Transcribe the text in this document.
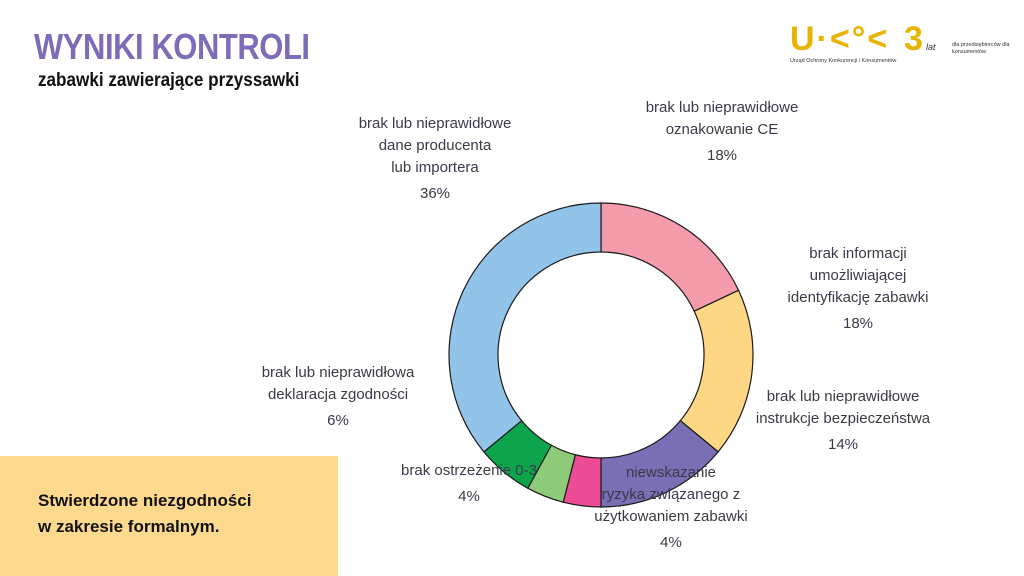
WYNIKI KONTROLI

zabawki zawierające przyssawki

U·<°< 3 lat
Urząd Ochrony Konkurencji i Konsumentów
dla przedsiębiorców dla konsumentów
brak lub nieprawidłowe
oznakowanie CE
18%
brak informacji
umożliwiającej
identyfikację zabawki
18%
brak lub nieprawidłowe
instrukcje bezpieczeństwa
14%
niewskazanie
ryzyka związanego z
użytkowaniem zabawki
4%
brak ostrzeżenie 0-3
4%
brak lub nieprawidłowa
deklaracja zgodności
6%
brak lub nieprawidłowe
dane producenta
lub importera
36%

Stwierdzone niezgodności
w zakresie formalnym.
